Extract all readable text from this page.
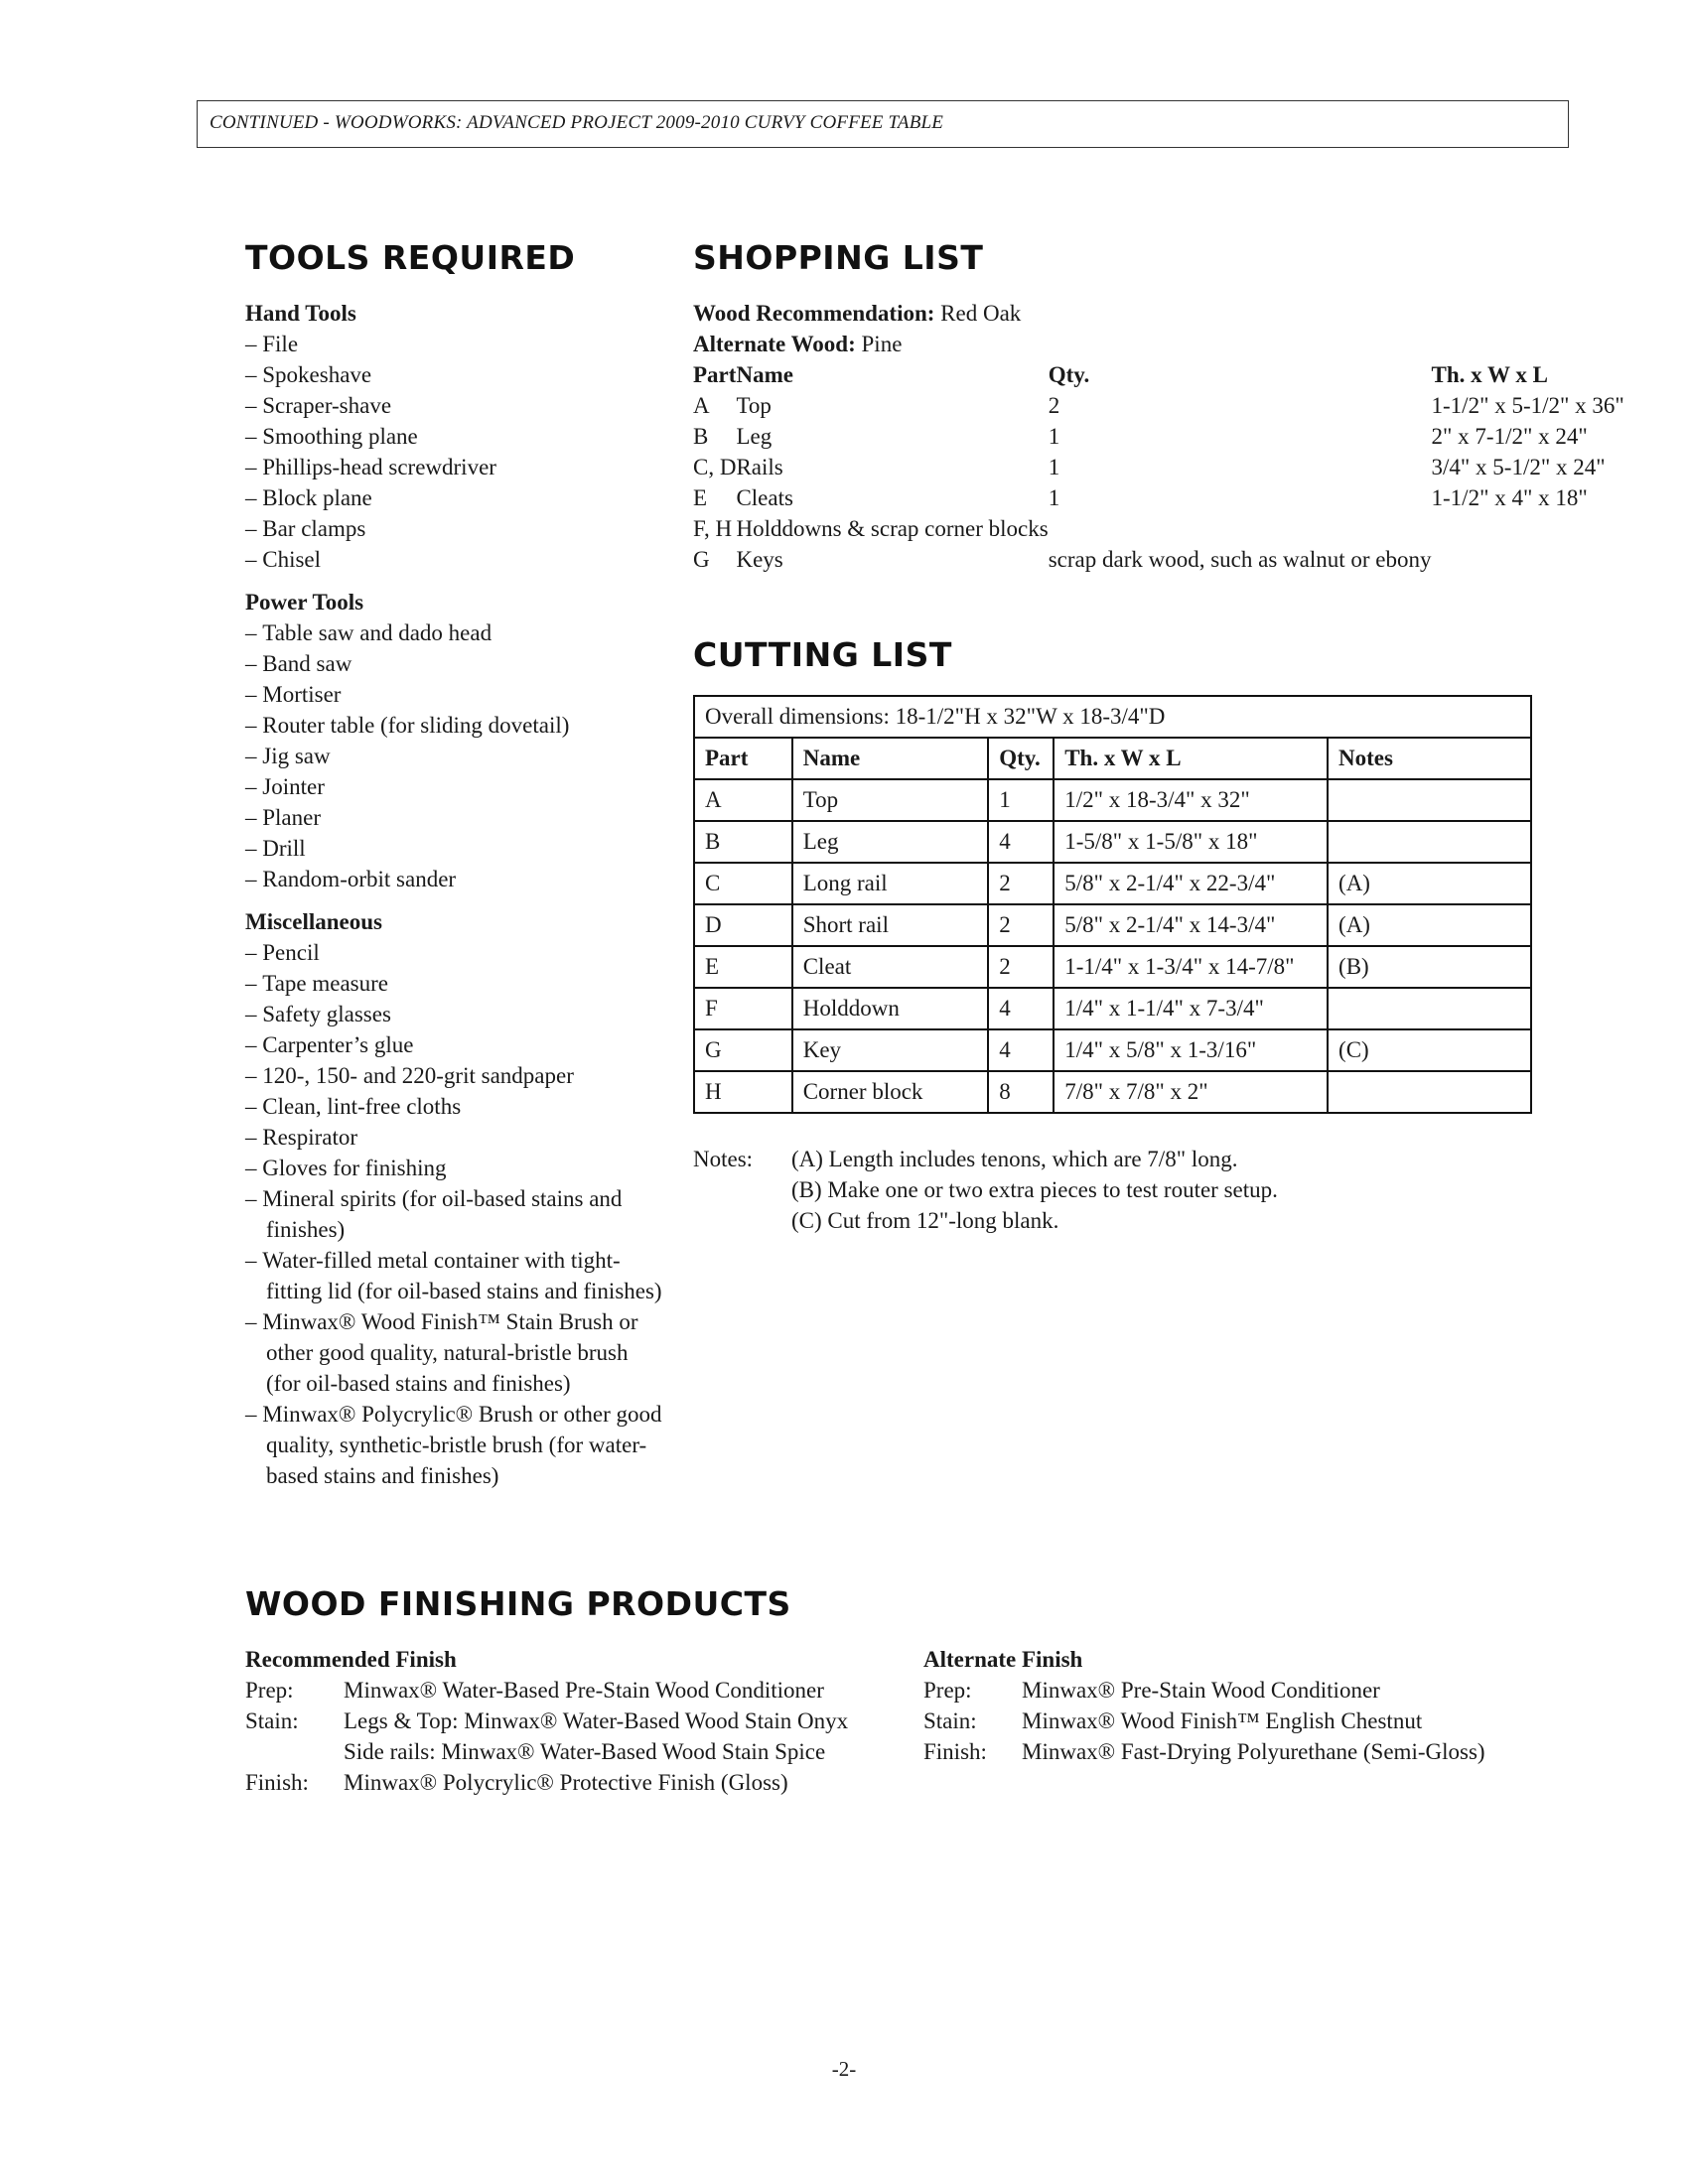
CONTINUED - WOODWORKS: ADVANCED PROJECT 2009-2010 CURVY COFFEE TABLE
TOOLS REQUIRED
Hand Tools
– File
– Spokeshave
– Scraper-shave
– Smoothing plane
– Phillips-head screwdriver
– Block plane
– Bar clamps
– Chisel
Power Tools
– Table saw and dado head
– Band saw
– Mortiser
– Router table (for sliding dovetail)
– Jig saw
– Jointer
– Planer
– Drill
– Random-orbit sander
Miscellaneous
– Pencil
– Tape measure
– Safety glasses
– Carpenter’s glue
– 120-, 150- and 220-grit sandpaper
– Clean, lint-free cloths
– Respirator
– Gloves for finishing
– Mineral spirits (for oil-based stains and finishes)
– Water-filled metal container with tight-fitting lid (for oil-based stains and finishes)
– Minwax® Wood Finish™ Stain Brush or other good quality, natural-bristle brush (for oil-based stains and finishes)
– Minwax® Polycrylic® Brush or other good quality, synthetic-bristle brush (for water-based stains and finishes)
SHOPPING LIST
Wood Recommendation: Red Oak
Alternate Wood: Pine
Part	Name	Qty.	Th. x W x L
A	Top	2	1-1/2" x 5-1/2" x 36"
B	Leg	1	2" x 7-1/2" x 24"
C, D	Rails	1	3/4" x 5-1/2" x 24"
E	Cleats	1	1-1/2" x 4" x 18"
F, H	Holddowns & scrap corner blocks		
G	Keys	scrap dark wood, such as walnut or ebony	
CUTTING LIST
Overall dimensions: 18-1/2"H x 32"W x 18-3/4"D				
Part	Name	Qty.	Th. x W x L	Notes
A	Top	1	1/2" x 18-3/4" x 32"	
B	Leg	4	1-5/8" x 1-5/8" x 18"	
C	Long rail	2	5/8" x 2-1/4" x 22-3/4"	(A)
D	Short rail	2	5/8" x 2-1/4" x 14-3/4"	(A)
E	Cleat	2	1-1/4" x 1-3/4" x 14-7/8"	(B)
F	Holddown	4	1/4" x 1-1/4" x 7-3/4"	
G	Key	4	1/4" x 5/8" x 1-3/16"	(C)
H	Corner block	8	7/8" x 7/8" x 2"	
Notes:	(A) Length includes tenons, which are 7/8" long.
(B) Make one or two extra pieces to test router setup.
(C) Cut from 12"-long blank.
WOOD FINISHING PRODUCTS
Recommended Finish
Prep:	Minwax® Water-Based Pre-Stain Wood Conditioner
Stain:	Legs & Top: Minwax® Water-Based Wood Stain Onyx
Side rails: Minwax® Water-Based Wood Stain Spice
Finish:	Minwax® Polycrylic® Protective Finish (Gloss)
Alternate Finish
Prep:	Minwax® Pre-Stain Wood Conditioner
Stain:	Minwax® Wood Finish™ English Chestnut
Finish:	Minwax® Fast-Drying Polyurethane (Semi-Gloss)
-2-
